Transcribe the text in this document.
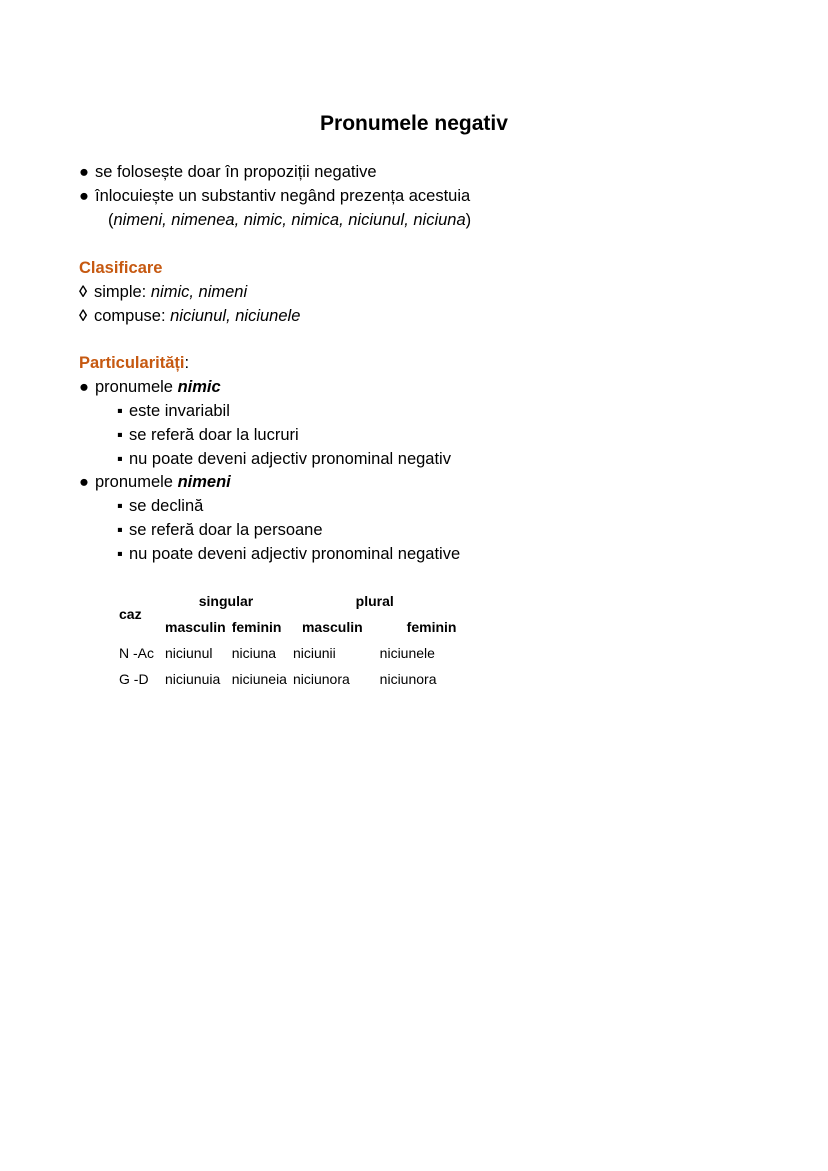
Pronumele negativ
● se folosește doar în propoziții negative
● înlocuiește un substantiv negând prezența acestuia
(nimeni, nimenea, nimic, nimica, niciunul, niciuna)
Clasificare
◊ simple: nimic, nimeni
◊ compuse: niciunul, niciunele
Particularități:
● pronumele nimic
▪ este invariabil
▪ se referă doar la lucruri
▪ nu poate deveni adjectiv pronominal negativ
● pronumele nimeni
▪ se declină
▪ se referă doar la persoane
▪ nu poate deveni adjectiv pronominal negative
caz	singular		plural	
	masculin	feminin	masculin	feminin
N -Ac	niciunul	niciuna	niciunii	niciunele
G -D	niciunuia	niciuneia	niciunora	niciunora
